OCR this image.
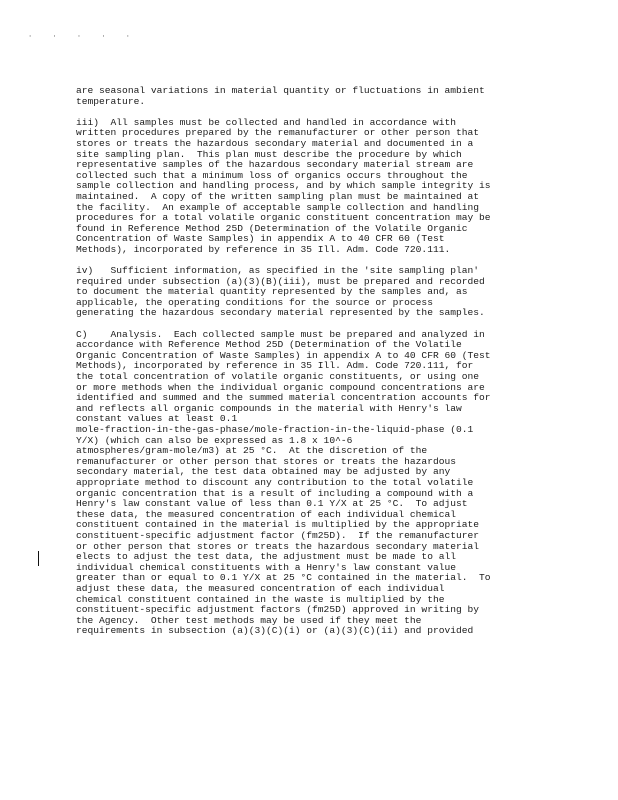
' ' ' ' '
are seasonal variations in material quantity or fluctuations in ambient
temperature.
iii)  All samples must be collected and handled in accordance with
written procedures prepared by the remanufacturer or other person that
stores or treats the hazardous secondary material and documented in a
site sampling plan.  This plan must describe the procedure by which
representative samples of the hazardous secondary material stream are
collected such that a minimum loss of organics occurs throughout the
sample collection and handling process, and by which sample integrity is
maintained.  A copy of the written sampling plan must be maintained at
the facility.  An example of acceptable sample collection and handling
procedures for a total volatile organic constituent concentration may be
found in Reference Method 25D (Determination of the Volatile Organic
Concentration of Waste Samples) in appendix A to 40 CFR 60 (Test
Methods), incorporated by reference in 35 Ill. Adm. Code 720.111.
iv)   Sufficient information, as specified in the 'site sampling plan'
required under subsection (a)(3)(B)(iii), must be prepared and recorded
to document the material quantity represented by the samples and, as
applicable, the operating conditions for the source or process
generating the hazardous secondary material represented by the samples.
C)    Analysis.  Each collected sample must be prepared and analyzed in
accordance with Reference Method 25D (Determination of the Volatile
Organic Concentration of Waste Samples) in appendix A to 40 CFR 60 (Test
Methods), incorporated by reference in 35 Ill. Adm. Code 720.111, for
the total concentration of volatile organic constituents, or using one
or more methods when the individual organic compound concentrations are
identified and summed and the summed material concentration accounts for
and reflects all organic compounds in the material with Henry's law
constant values at least 0.1
mole-fraction-in-the-gas-phase/mole-fraction-in-the-liquid-phase (0.1
Y/X) (which can also be expressed as 1.8 x 10^-6
atmospheres/gram-mole/m3) at 25 °C.  At the discretion of the
remanufacturer or other person that stores or treats the hazardous
secondary material, the test data obtained may be adjusted by any
appropriate method to discount any contribution to the total volatile
organic concentration that is a result of including a compound with a
Henry's law constant value of less than 0.1 Y/X at 25 °C.  To adjust
these data, the measured concentration of each individual chemical
constituent contained in the material is multiplied by the appropriate
constituent-specific adjustment factor (fm25D).  If the remanufacturer
or other person that stores or treats the hazardous secondary material
elects to adjust the test data, the adjustment must be made to all
individual chemical constituents with a Henry's law constant value
greater than or equal to 0.1 Y/X at 25 °C contained in the material.  To
adjust these data, the measured concentration of each individual
chemical constituent contained in the waste is multiplied by the
constituent-specific adjustment factors (fm25D) approved in writing by
the Agency.  Other test methods may be used if they meet the
requirements in subsection (a)(3)(C)(i) or (a)(3)(C)(ii) and provided
